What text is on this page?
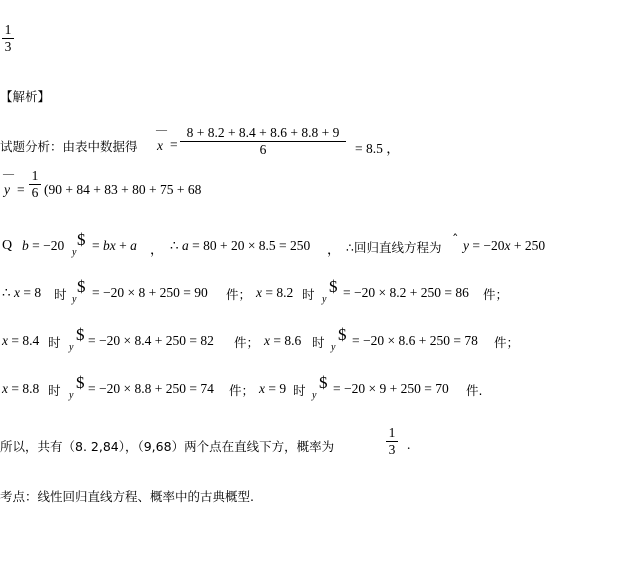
1
3
【解析】
试题分析：由表中数据得
—
x =
8 + 8.2 + 8.4 + 8.6 + 8.8 + 9
6	= 8.5 ，
—
y =
1
6 (90 + 84 + 83 + 80 + 75 + 68
Q b = −20 $
y = bx + a ， ∴ a = 80 + 20 × 8.5 = 250 ， ∴回归直线方程为 ˆ y = −20x + 250
∴ x = 8 时 $
y = −20 × 8 + 250 = 90 件； x = 8.2 时 $
y = −20 × 8.2 + 250 = 86 件；
x = 8.4 时 $
y = −20 × 8.4 + 250 = 82 件； x = 8.6 时 $
y = −20 × 8.6 + 250 = 78 件；
x = 8.8 时 $
y = −20 × 8.8 + 250 = 74 件； x = 9 时 $
y = −20 × 9 + 250 = 70 件.
所以，共有（8. 2,84），（9,68）两个点在直线下方，概率为
1
3 .
考点：线性回归直线方程、概率中的古典概型.
